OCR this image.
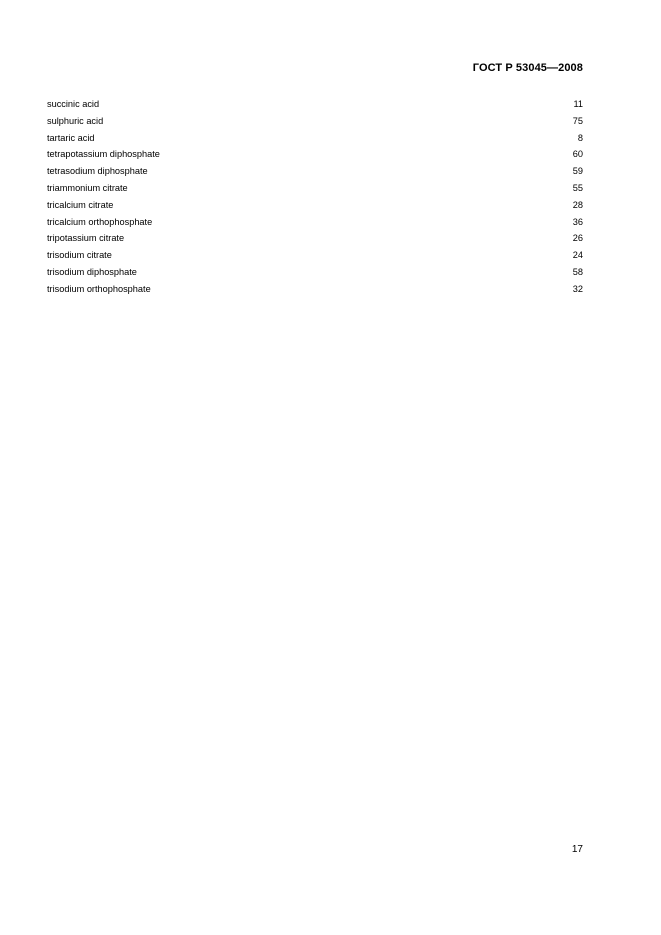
ГОСТ Р 53045—2008
succinic acid	11
sulphuric acid	75
tartaric acid	8
tetrapotassium diphosphate	60
tetrasodium diphosphate	59
triammonium citrate	55
tricalcium citrate	28
tricalcium orthophosphate	36
tripotassium citrate	26
trisodium citrate	24
trisodium diphosphate	58
trisodium orthophosphate	32
17
